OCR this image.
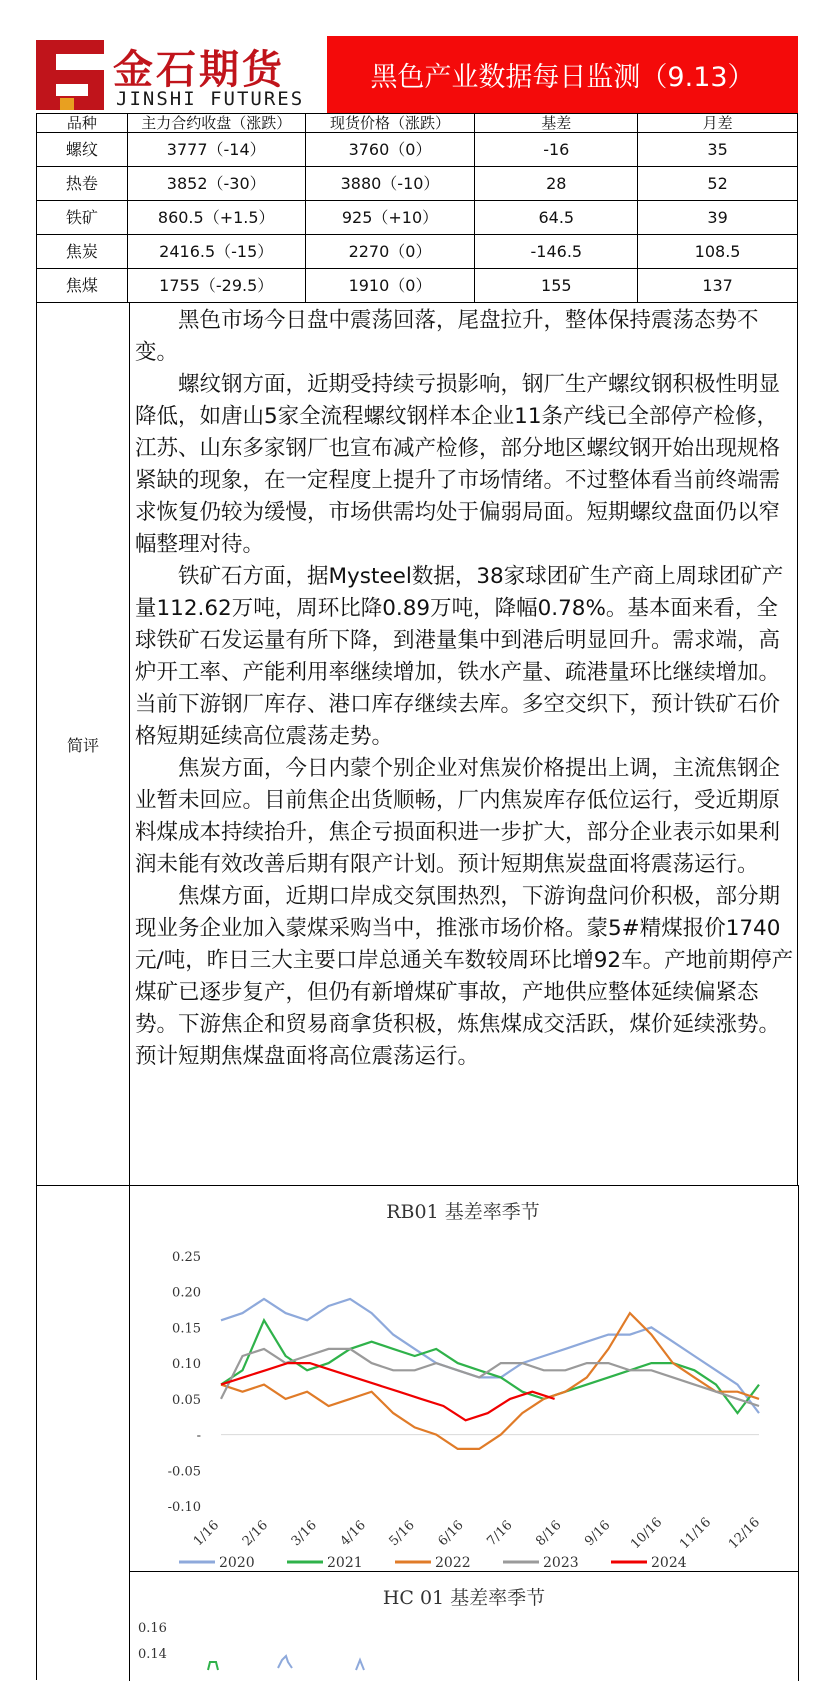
金石期货
JINSHI FUTURES
黑色产业数据每日监测（9.13）
品种	主力合约收盘（涨跌）	现货价格（涨跌）	基差	月差
螺纹	3777（-14）	3760（0）	-16	35
热卷	3852（-30）	3880（-10）	28	52
铁矿	860.5（+1.5）	925（+10）	64.5	39
焦炭	2416.5（-15）	2270（0）	-146.5	108.5
焦煤	1755（-29.5）	1910（0）	155	137
简评

黑色市场今日盘中震荡回落，尾盘拉升，整体保持震荡态势不变。

螺纹钢方面，近期受持续亏损影响，钢厂生产螺纹钢积极性明显降低，如唐山5家全流程螺纹钢样本企业11条产线已全部停产检修，江苏、山东多家钢厂也宣布减产检修，部分地区螺纹钢开始出现规格紧缺的现象，在一定程度上提升了市场情绪。不过整体看当前终端需求恢复仍较为缓慢，市场供需均处于偏弱局面。短期螺纹盘面仍以窄幅整理对待。

铁矿石方面，据Mysteel数据，38家球团矿生产商上周球团矿产量112.62万吨，周环比降0.89万吨，降幅0.78%。基本面来看，全球铁矿石发运量有所下降，到港量集中到港后明显回升。需求端，高炉开工率、产能利用率继续增加，铁水产量、疏港量环比继续增加。当前下游钢厂库存、港口库存继续去库。多空交织下，预计铁矿石价格短期延续高位震荡走势。

焦炭方面，今日内蒙个别企业对焦炭价格提出上调，主流焦钢企业暂未回应。目前焦企出货顺畅，厂内焦炭库存低位运行，受近期原料煤成本持续抬升，焦企亏损面积进一步扩大，部分企业表示如果利润未能有效改善后期有限产计划。预计短期焦炭盘面将震荡运行。

焦煤方面，近期口岸成交氛围热烈，下游询盘问价积极，部分期现业务企业加入蒙煤采购当中，推涨市场价格。蒙5#精煤报价1740元/吨，昨日三大主要口岸总通关车数较周环比增92车。产地前期停产煤矿已逐步复产，但仍有新增煤矿事故，产地供应整体延续偏紧态势。下游焦企和贸易商拿货积极，炼焦煤成交活跃，煤价延续涨势。预计短期焦煤盘面将高位震荡运行。

RB01 基差率季节
0.25
0.20
0.15
0.10
0.05
-
-0.05
-0.10
1/16 2/16 3/16 4/16 5/16 6/16 7/16 8/16 9/16 10/16 11/16 12/16
2020	2021	2022	2023	2024
HC 01 基差率季节
0.16
0.14
